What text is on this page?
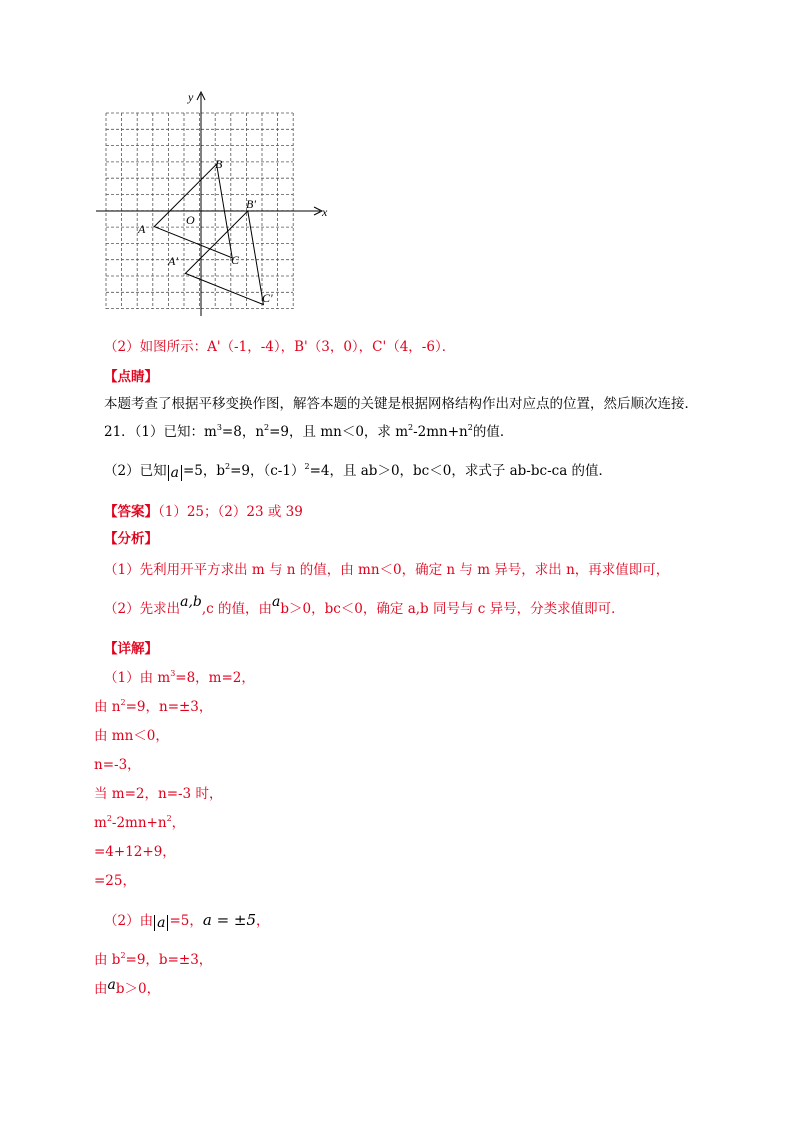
x
y
O
A
B
C
A'
B'
C'
（2）如图所示：A'（-1，-4），B'（3，0），C'（4，-6）．
【点睛】
本题考查了根据平移变换作图，解答本题的关键是根据网格结构作出对应点的位置，然后顺次连接．
21．（1）已知：$m^3=8$，$n^2=9$，且 mn＜0，求 $m^2-2mn+n^2$的值．
（2）已知 a =5，$b^2=9$，$(c-1)^2=4$，且 ab＞0，bc＜0，求式子 ab-bc-ca 的值．
【答案】（1）25；（2）23 或 39
【分析】
（1）先利用开平方求出 m 与 n 的值，由 mn＜0，确定 n 与 m 异号，求出 n，再求值即可，
（2）先求出a,b,c 的值，由ab＞0，bc＜0，确定 a,b 同号与 c 异号，分类求值即可．
【详解】
（1）由 $m^3=8$，m=2，
由 $n^2=9$，n=±3，
由 mn＜0，
n=-3，
当 m=2，n=-3 时，
$m^2-2mn+n^2$，
=4+12+9，
=25，
（2）由 a =5，a = ±5，
由 $b^2=9$，b=±3，
由ab＞0，
